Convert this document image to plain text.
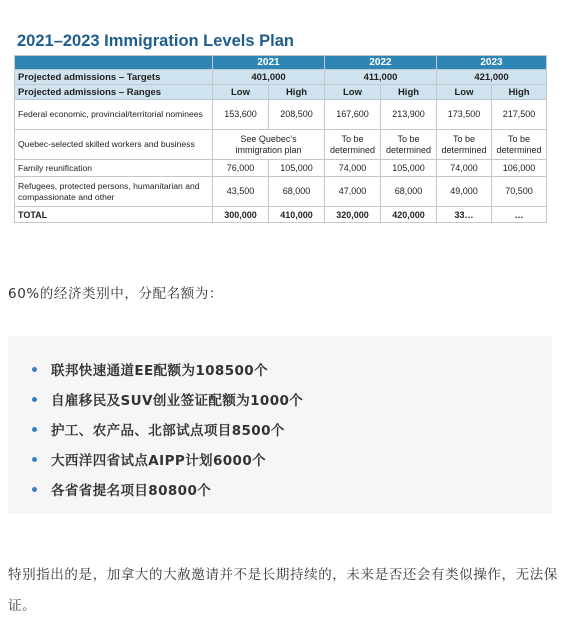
2021–2023 Immigration Levels Plan
	2021		2022		2023	
Projected admissions – Targets	401,000		411,000		421,000	
Projected admissions – Ranges	Low	High	Low	High	Low	High
Federal economic, provincial/territorial nominees	153,600	208,500	167,600	213,900	173,500	217,500
Quebec-selected skilled workers and business	See Quebec's immigration plan		To be determined	To be determined	To be determined	To be determined
Family reunification	76,000	105,000	74,000	105,000	74,000	106,000
Refugees, protected persons, humanitarian and compassionate and other	43,500	68,000	47,000	68,000	49,000	70,500
TOTAL	300,000	410,000	320,000	420,000	33…	…

60%的经济类别中，分配名额为：

联邦快速通道EE配额为108500个
自雇移民及SUV创业签证配额为1000个
护工、农产品、北部试点项目8500个
大西洋四省试点AIPP计划6000个
各省省提名项目80800个

特别指出的是，加拿大的大赦邀请并不是长期持续的，未来是否还会有类似操作，无法保证。
